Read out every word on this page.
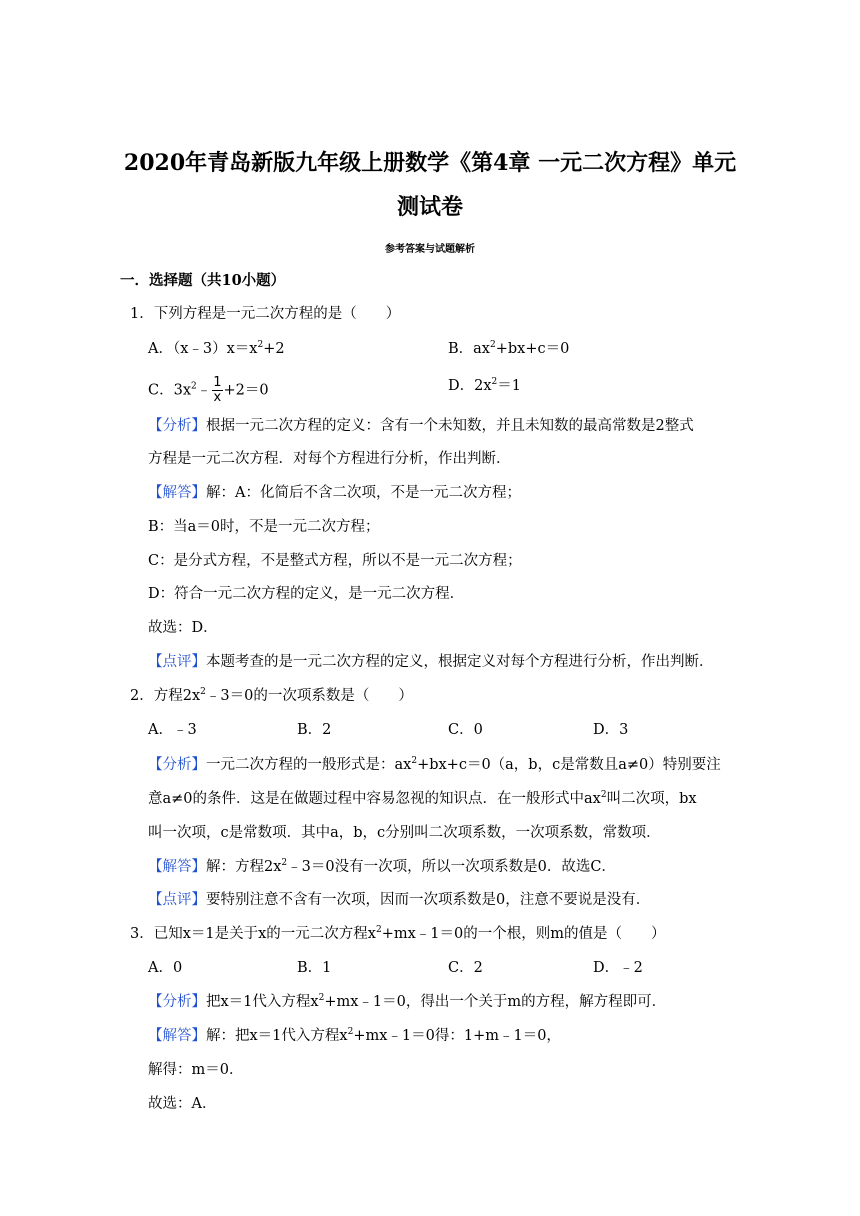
2020年青岛新版九年级上册数学《第4章 一元二次方程》单元
测试卷
参考答案与试题解析
一．选择题（共10小题）
1．下列方程是一元二次方程的是（　　）
A．$(x﹣3)x=x^2+2$	B．$ax^2+bx+c=0$
C．$3x^2﹣ \frac{1}{x} +2=0$	D．$2x^2=1$
【分析】根据一元二次方程的定义：含有一个未知数，并且未知数的最高常数是2整式
方程是一元二次方程．对每个方程进行分析，作出判断．
【解答】解：A：化简后不含二次项，不是一元二次方程；
B：当a＝0时，不是一元二次方程；
C：是分式方程，不是整式方程，所以不是一元二次方程；
D：符合一元二次方程的定义，是一元二次方程．
故选：D．
【点评】本题考查的是一元二次方程的定义，根据定义对每个方程进行分析，作出判断．
2．方程$2x^2﹣3=0$的一次项系数是（　　）
A．﹣3	B．2	C．0	D．3
【分析】一元二次方程的一般形式是：$ax^2+bx+c=0(a$，b，c是常数且a≠0）特别要注
意a≠0的条件．这是在做题过程中容易忽视的知识点．在一般形式中$ax^2$叫二次项，bx
叫一次项，c是常数项．其中a，b，c分别叫二次项系数，一次项系数，常数项．
【解答】解：方程$2x^2﹣3=0$没有一次项，所以一次项系数是0．故选C．
【点评】要特别注意不含有一次项，因而一次项系数是0，注意不要说是没有．
3．已知x＝1是关于x的一元二次方程$x^2+mx﹣1=0$的一个根，则m的值是（　　）
A．0	B．1	C．2	D．﹣2
【分析】把x＝1代入方程$x^2+mx﹣1=0$，得出一个关于m的方程，解方程即可．
【解答】解：把x＝1代入方程$x^2+mx﹣1=0$得：1+m﹣1＝0，
解得：m＝0．
故选：A．
